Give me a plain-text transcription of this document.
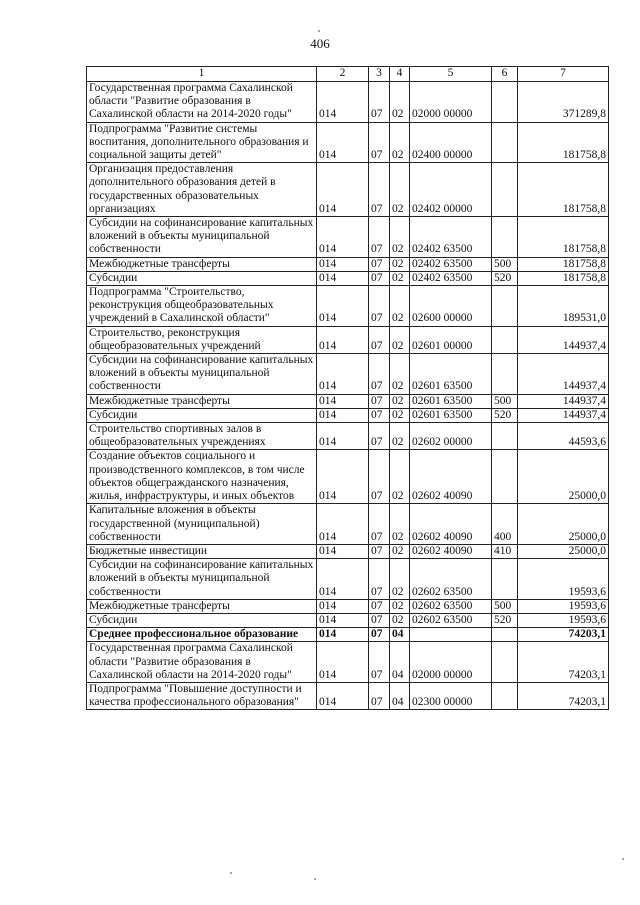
406
1	2	3	4	5	6	7
Государственная программа Сахалинской области "Развитие образования в Сахалинской области на 2014-2020 годы"	014	07	02	02000 00000		371289,8
Подпрограмма "Развитие системы воспитания, дополнительного образования и социальной защиты детей"	014	07	02	02400 00000		181758,8
Организация предоставления дополнительного образования детей в государственных образовательных организациях	014	07	02	02402 00000		181758,8
Субсидии на софинансирование капитальных вложений в объекты муниципальной собственности	014	07	02	02402 63500		181758,8
Межбюджетные трансферты	014	07	02	02402 63500	500	181758,8
Субсидии	014	07	02	02402 63500	520	181758,8
Подпрограмма "Строительство, реконструкция общеобразовательных учреждений в Сахалинской области"	014	07	02	02600 00000		189531,0
Строительство, реконструкция общеобразовательных учреждений	014	07	02	02601 00000		144937,4
Субсидии на софинансирование капитальных вложений в объекты муниципальной собственности	014	07	02	02601 63500		144937,4
Межбюджетные трансферты	014	07	02	02601 63500	500	144937,4
Субсидии	014	07	02	02601 63500	520	144937,4
Строительство спортивных залов в общеобразовательных учреждениях	014	07	02	02602 00000		44593,6
Создание объектов социального и производственного комплексов, в том числе объектов общегражданского назначения, жилья, инфраструктуры, и иных объектов	014	07	02	02602 40090		25000,0
Капитальные вложения в объекты государственной (муниципальной) собственности	014	07	02	02602 40090	400	25000,0
Бюджетные инвестиции	014	07	02	02602 40090	410	25000,0
Субсидии на софинансирование капитальных вложений в объекты муниципальной собственности	014	07	02	02602 63500		19593,6
Межбюджетные трансферты	014	07	02	02602 63500	500	19593,6
Субсидии	014	07	02	02602 63500	520	19593,6
Среднее профессиональное образование	014	07	04			74203,1
Государственная программа Сахалинской области "Развитие образования в Сахалинской области на 2014-2020 годы"	014	07	04	02000 00000		74203,1
Подпрограмма "Повышение доступности и качества профессионального образования"	014	07	04	02300 00000		74203,1
